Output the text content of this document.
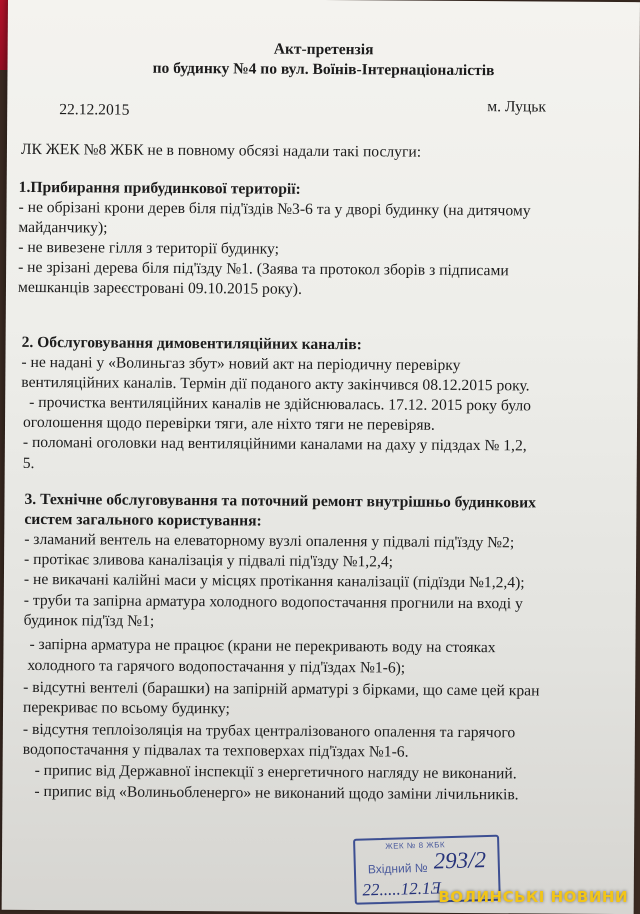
Акт-претензія
по будинку №4 по вул. Воїнів-Інтернаціоналістів
22.12.2015	м. Луцьк
ЛК ЖЕК №8 ЖБК не в повному обсязі надали такі послуги:
1.Прибирання прибудинкової території:
- не обрізані крони дерев біля під'їздів №3-6 та у дворі будинку (на дитячому
майданчику);
- не вивезене гілля з території будинку;
- не зрізані дерева біля під'їзду №1. (Заява та протокол зборів з підписами
мешканців зареєстровані 09.10.2015 року).
2. Обслуговування димовентиляційних каналів:
- не надані у «Волиньгаз збут» новий акт на періодичну перевірку
вентиляційних каналів. Термін дії поданого акту закінчився 08.12.2015 року.
- прочистка вентиляційних каналів не здійснювалась. 17.12. 2015 року було
оголошення щодо перевірки тяги, але ніхто тяги не перевіряв.
- поломані оголовки над вентиляційними каналами на даху у підздах № 1,2,
5.
3. Технічне обслуговування та поточний ремонт внутрішньо будинкових
систем загального користування:
- зламаний вентель на елеваторному вузлі опалення у підвалі під'їзду №2;
- протікає зливова каналізація у підвалі під'їзду №1,2,4;
- не викачані калійні маси у місцях протікання каналізації (підїзди №1,2,4);
- труби та запірна арматура холодного водопостачання прогнили на вході у
будинок під'їзд №1;
- запірна арматура не працює (крани не перекривають воду на стояках
холодного та гарячого водопостачання у під'їздах №1-6);
- відсутні вентелі (барашки) на запірній арматурі з бірками, що саме цей кран
перекриває по всьому будинку;
- відсутня теплоізоляція на трубах централізованого опалення та гарячого
водопостачання у підвалах та техповерхах під'їздах №1-6.
- припис від Державної інспекції з енергетичного нагляду не виконаний.
- припис від «Волиньобленерго» не виконаний щодо заміни лічильників.
ЖЕК № 8 ЖБК
Вхідний № 293/2
22.....12.1Ǝ
ВОЛИНСЬКІ НОВИНИ
